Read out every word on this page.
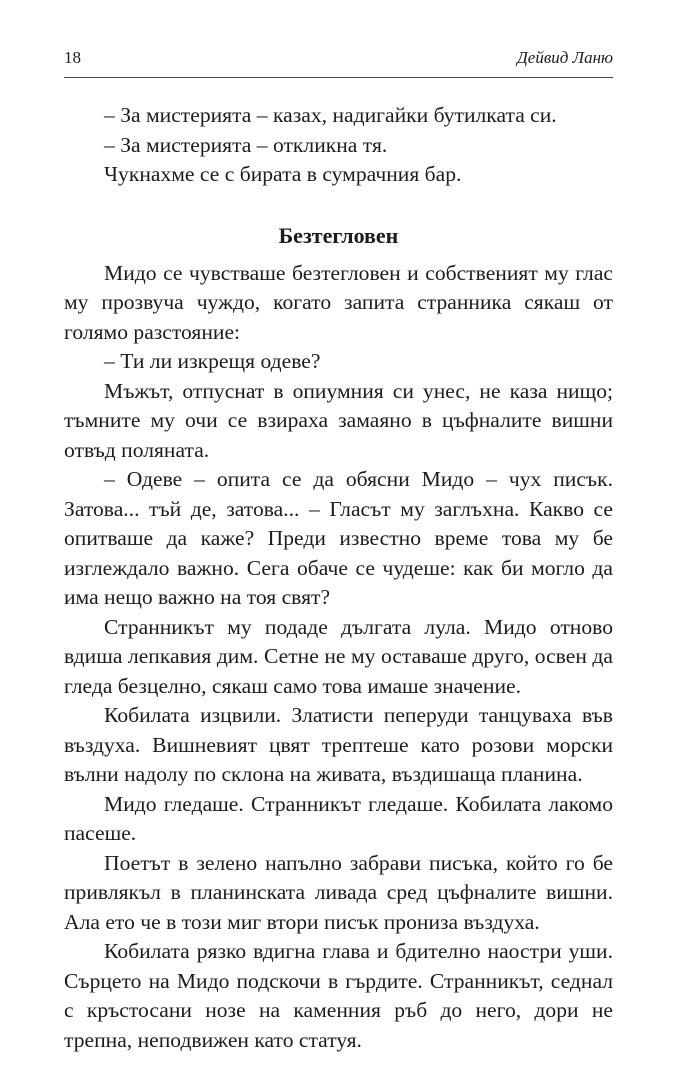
18	Дейвид Ланю

– За мистерията – казах, надигайки бутилката си.

– За мистерията – откликна тя.

Чукнахме се с бирата в сумрачния бар.

Безтегловен

Мидо се чувстваше безтегловен и собственият му глас му прозвуча чуждо, когато запита странника сякаш от голямо разстояние:

– Ти ли изкрещя одеве?

Мъжът, отпуснат в опиумния си унес, не каза нищо; тъмните му очи се взираха замаяно в цъфналите вишни отвъд поляната.

– Одеве – опита се да обясни Мидо – чух писък. Затова... тъй де, затова... – Гласът му заглъхна. Какво се опитваше да каже? Преди известно време това му бе изглеждало важно. Сега обаче се чудеше: как би могло да има нещо важно на тоя свят?

Странникът му подаде дългата лула. Мидо отново вдиша лепкавия дим. Сетне не му оставаше друго, освен да гледа безцелно, сякаш само това имаше значение.

Кобилата изцвили. Златисти пеперуди танцуваха във въздуха. Вишневият цвят трептеше като розови морски вълни надолу по склона на живата, въздишаща планина.

Мидо гледаше. Странникът гледаше. Кобилата лакомо пасеше.

Поетът в зелено напълно забрави писъка, който го бе привлякъл в планинската ливада сред цъфналите вишни. Ала ето че в този миг втори писък прониза въздуха.

Кобилата рязко вдигна глава и бдително наостри уши. Сърцето на Мидо подскочи в гърдите. Странникът, седнал с кръстосани нозе на каменния ръб до него, дори не трепна, неподвижен като статуя.
